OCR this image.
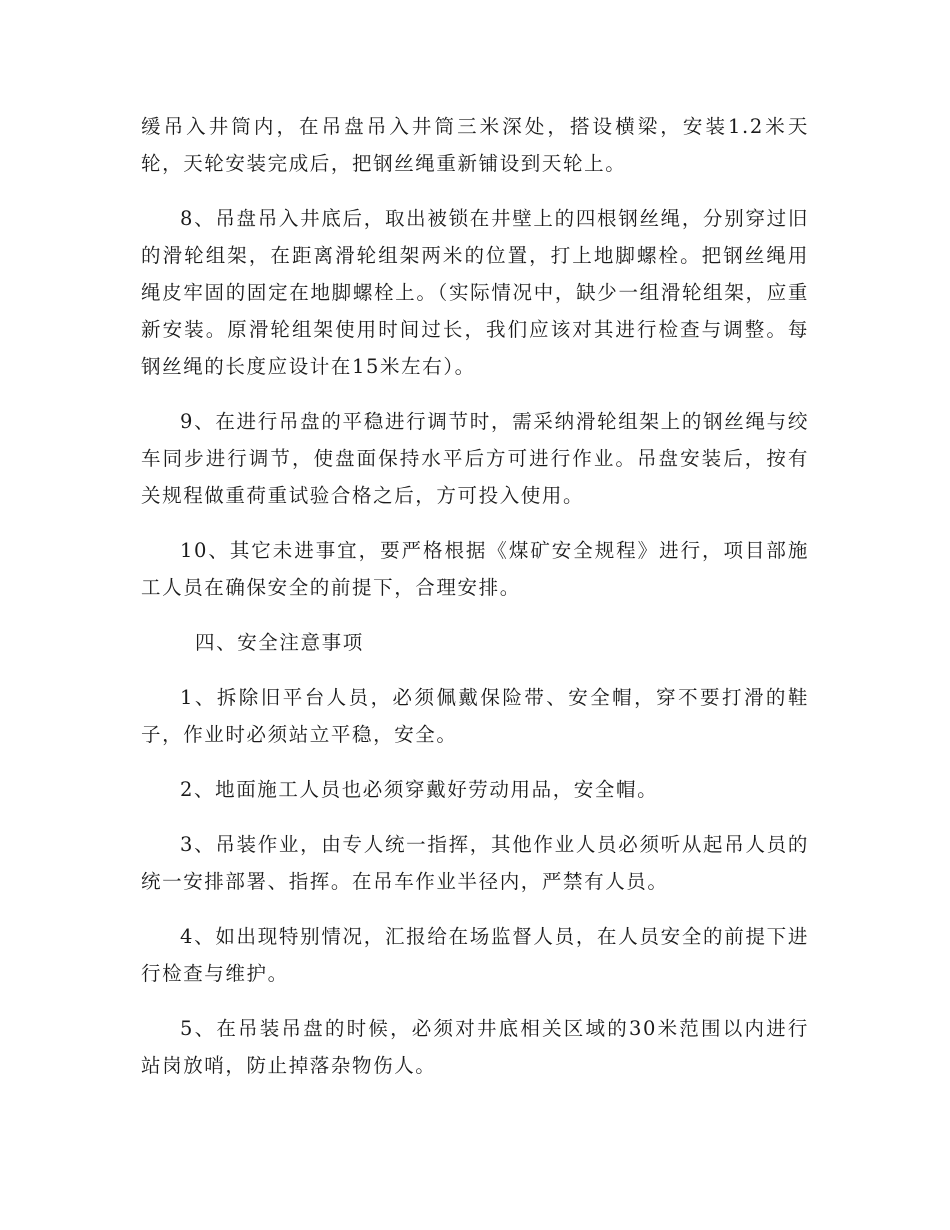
缓吊入井筒内，在吊盘吊入井筒三米深处，搭设横梁，安装1.2米天轮，天轮安装完成后，把钢丝绳重新铺设到天轮上。

8、吊盘吊入井底后，取出被锁在井壁上的四根钢丝绳，分别穿过旧的滑轮组架，在距离滑轮组架两米的位置，打上地脚螺栓。把钢丝绳用绳皮牢固的固定在地脚螺栓上。（实际情况中，缺少一组滑轮组架，应重新安装。原滑轮组架使用时间过长，我们应该对其进行检查与调整。每钢丝绳的长度应设计在15米左右）。

9、在进行吊盘的平稳进行调节时，需采纳滑轮组架上的钢丝绳与绞车同步进行调节，使盘面保持水平后方可进行作业。吊盘安装后，按有关规程做重荷重试验合格之后，方可投入使用。

10、其它未进事宜，要严格根据《煤矿安全规程》进行，项目部施工人员在确保安全的前提下，合理安排。

四、安全注意事项

1、拆除旧平台人员，必须佩戴保险带、安全帽，穿不要打滑的鞋子，作业时必须站立平稳，安全。

2、地面施工人员也必须穿戴好劳动用品，安全帽。

3、吊装作业，由专人统一指挥，其他作业人员必须听从起吊人员的统一安排部署、指挥。在吊车作业半径内，严禁有人员。

4、如出现特别情况，汇报给在场监督人员，在人员安全的前提下进行检查与维护。

5、在吊装吊盘的时候，必须对井底相关区域的30米范围以内进行站岗放哨，防止掉落杂物伤人。
